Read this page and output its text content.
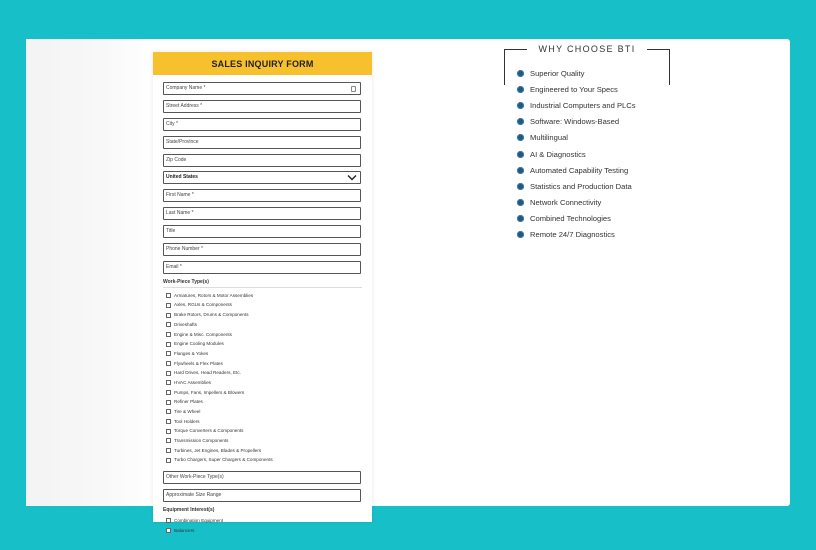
SALES INQUIRY FORM
Company Name *
Street Address *
City *
State/Province
Zip Code
United States
First Name *
Last Name *
Title
Phone Number *
Email *
Work-Piece Type(s)
Armatures, Rotors & Motor Assemblies
Axles, RGUs & Components
Brake Rotors, Drums & Components
Driveshafts
Engine & Misc. Components
Engine Cooling Modules
Flanges & Yokes
Flywheels & Flex Plates
Hard Drives, Head Readers, Etc.
HVAC Assemblies
Pumps, Fans, Impellers & Blowers
Refiner Plates
Tire & Wheel
Tool Holders
Torque Converters & Components
Transmission Components
Turbines, Jet Engines, Blades & Propellers
Turbo Chargers, Super Chargers & Components
Other Work-Piece Type(s)
Approximate Size Range
Equipment Interest(s)
Combination Equipment
Balancers
WHY CHOOSE BTI
Superior Quality
Engineered to Your Specs
Industrial Computers and PLCs
Software: Windows-Based
Multilingual
AI & Diagnostics
Automated Capability Testing
Statistics and Production Data
Network Connectivity
Combined Technologies
Remote 24/7 Diagnostics
